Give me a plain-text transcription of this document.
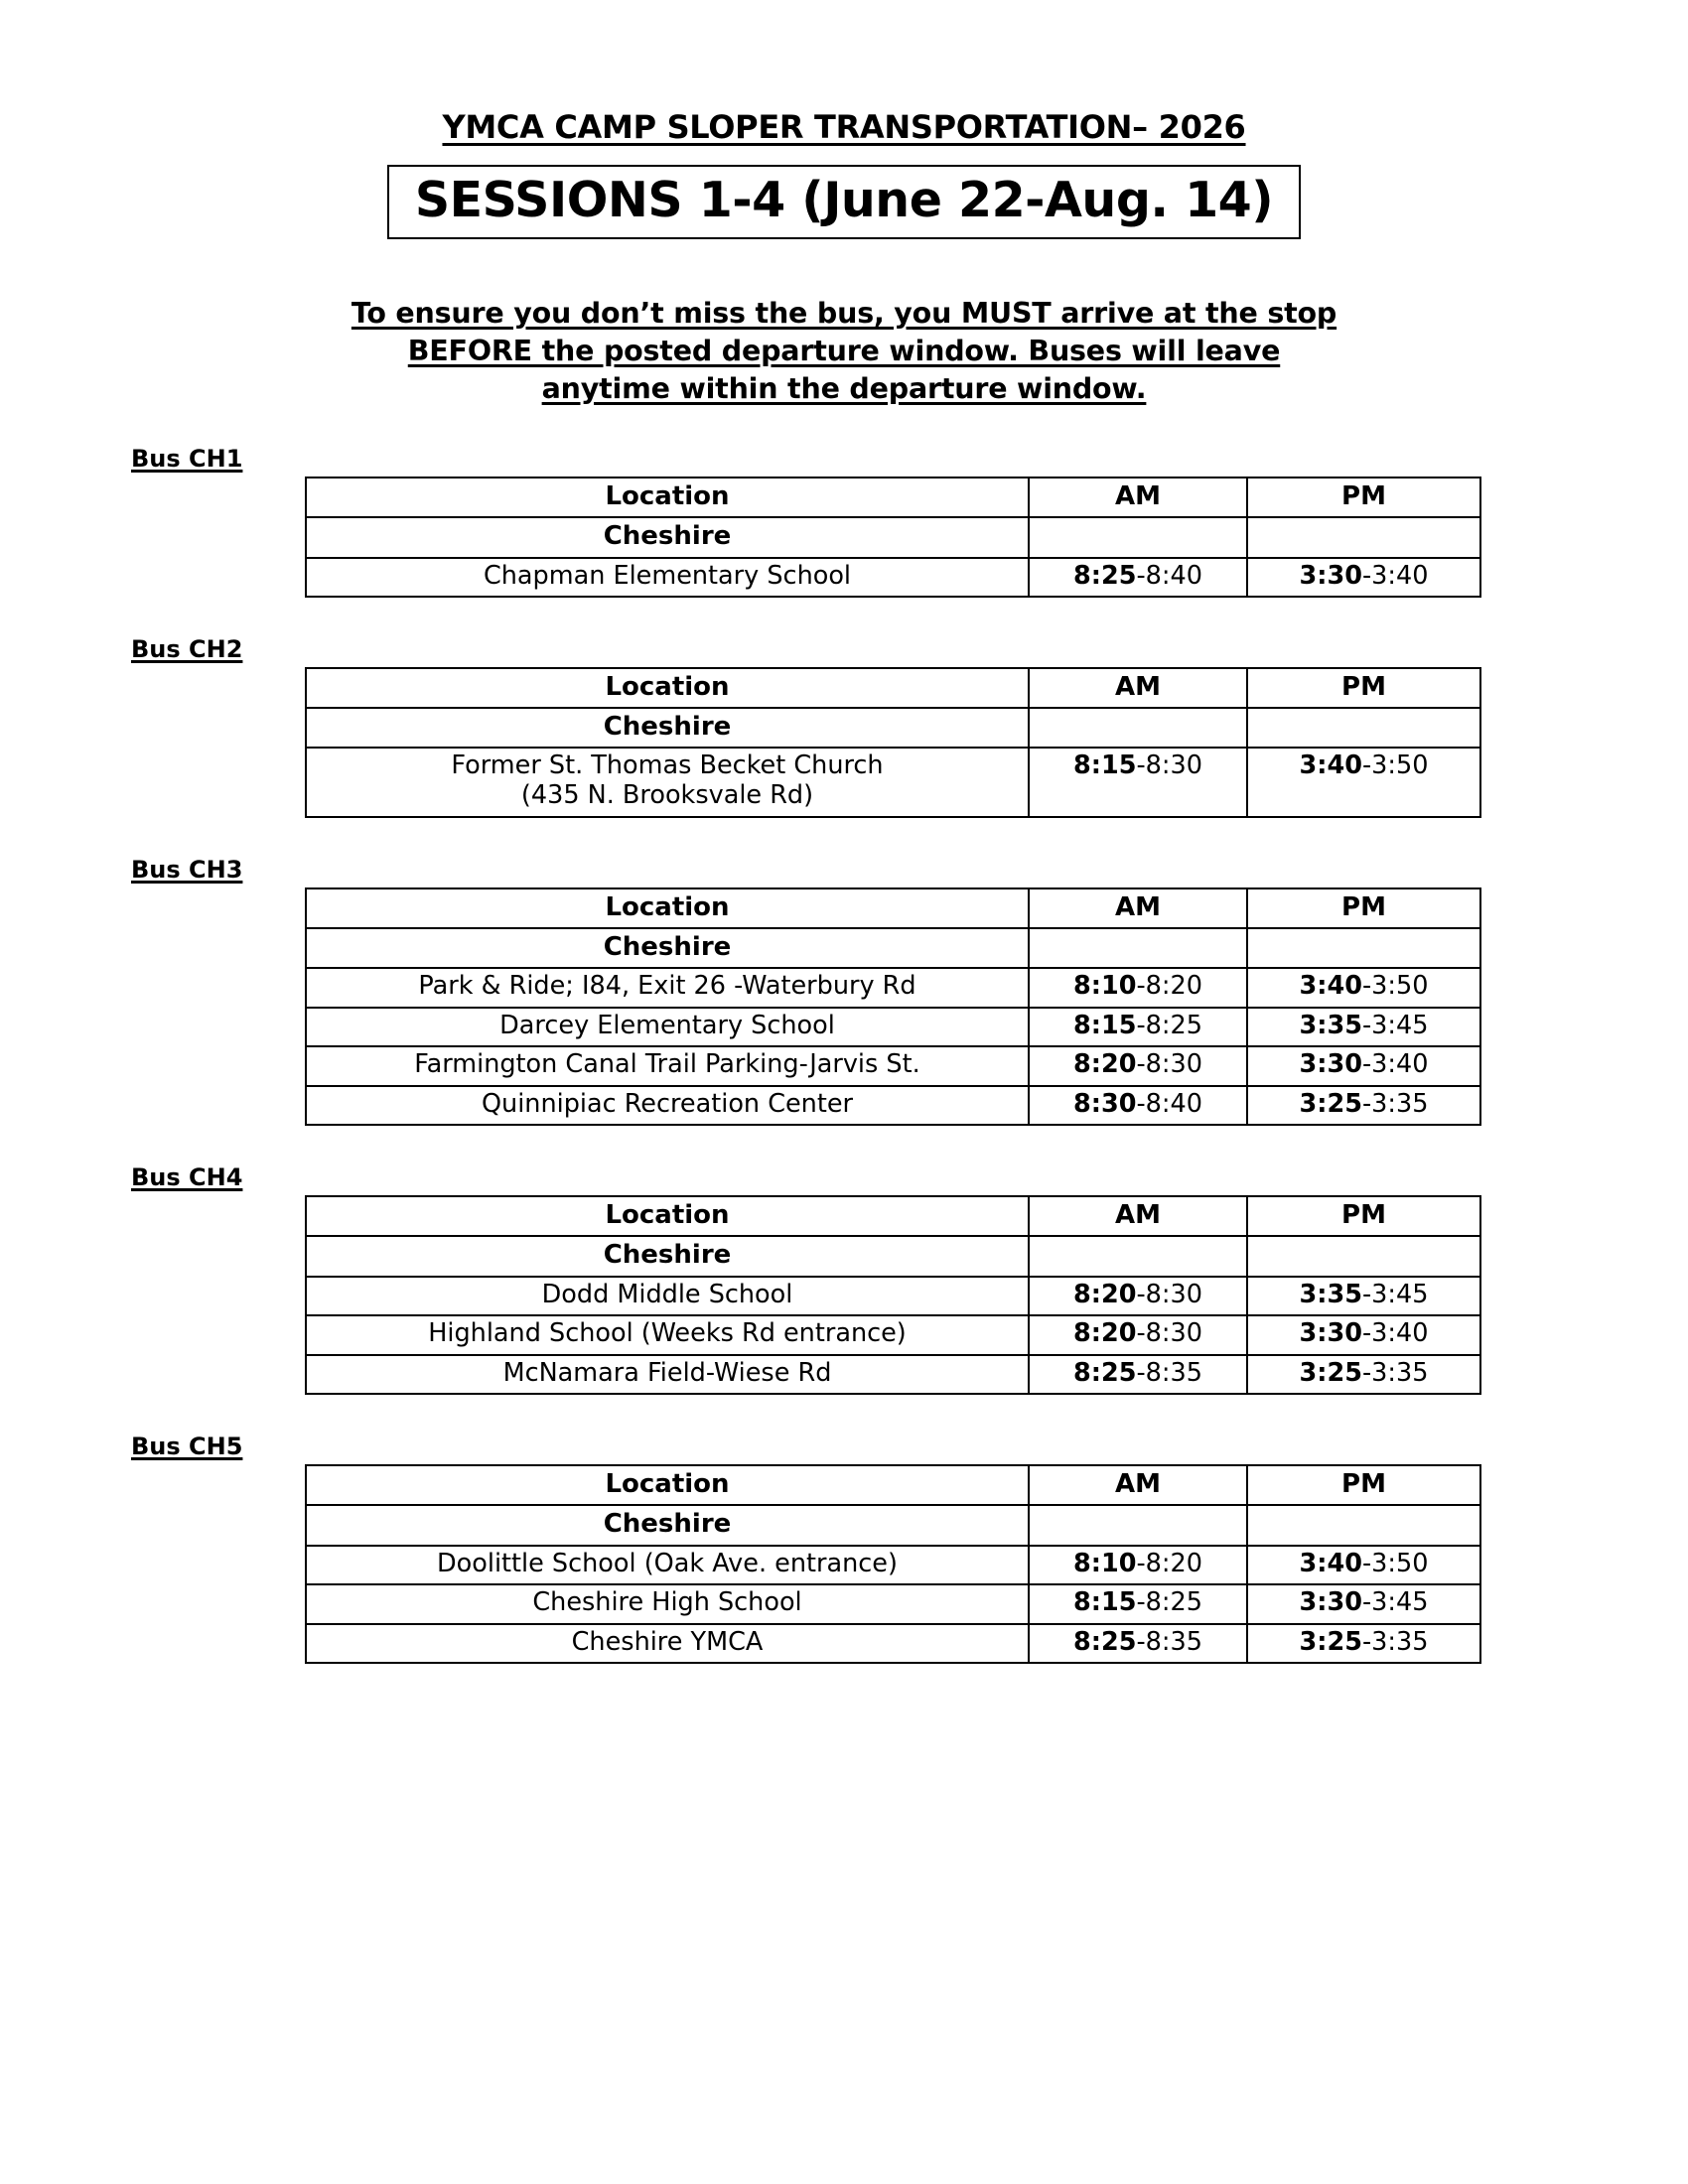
YMCA CAMP SLOPER TRANSPORTATION– 2026
SESSIONS 1-4 (June 22-Aug. 14)
To ensure you don’t miss the bus, you MUST arrive at the stop
BEFORE the posted departure window. Buses will leave
anytime within the departure window.
Bus CH1
Location	AM	PM
Cheshire		

Chapman Elementary School	8:25-8:40	3:30-3:40
Bus CH2
Location	AM	PM
Cheshire		

Former St. Thomas Becket Church
(435 N. Brooksvale Rd)	8:15-8:30	3:40-3:50
Bus CH3
Location	AM	PM
Cheshire		

Park & Ride; I84, Exit 26 -Waterbury Rd	8:10-8:20	3:40-3:50

Darcey Elementary School	8:15-8:25	3:35-3:45

Farmington Canal Trail Parking-Jarvis St.	8:20-8:30	3:30-3:40

Quinnipiac Recreation Center	8:30-8:40	3:25-3:35
Bus CH4
Location	AM	PM
Cheshire		

Dodd Middle School	8:20-8:30	3:35-3:45

Highland School (Weeks Rd entrance)	8:20-8:30	3:30-3:40

McNamara Field-Wiese Rd	8:25-8:35	3:25-3:35
Bus CH5
Location	AM	PM
Cheshire		

Doolittle School (Oak Ave. entrance)	8:10-8:20	3:40-3:50

Cheshire High School	8:15-8:25	3:30-3:45

Cheshire YMCA	8:25-8:35	3:25-3:35
